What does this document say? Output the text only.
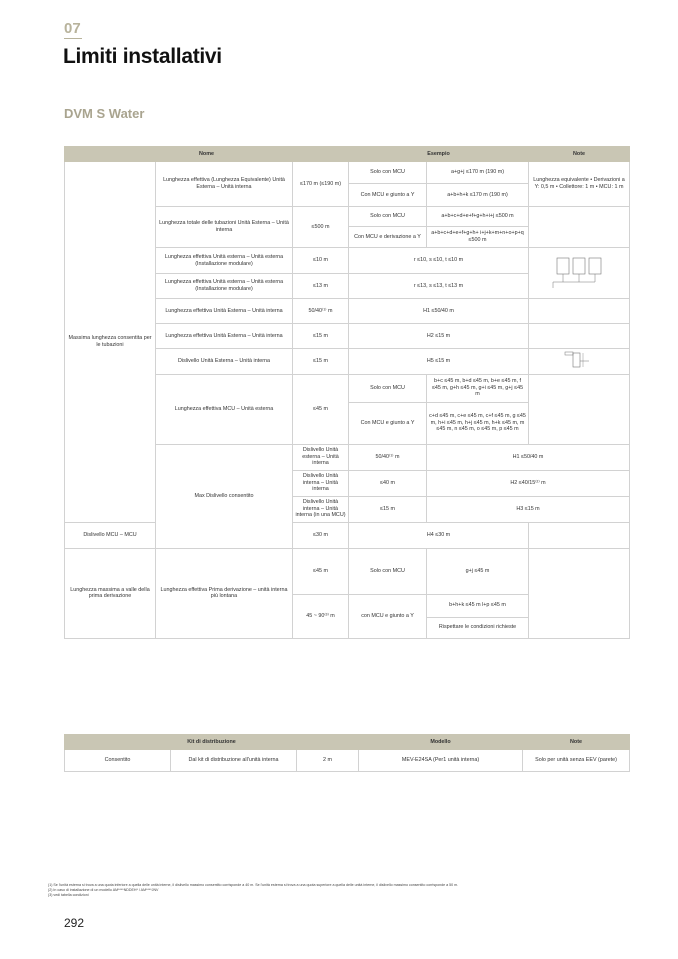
07
Limiti installativi
DVM S Water
Nome			Esempio		Note	
Massima lunghezza consentita per le tubazioni	Lunghezza effettiva (Lunghezza Equivalente) Unità Esterna – Unità interna	≤170 m (≤190 m)	Solo con MCU	a+g+j ≤170 m (190 m)	Lunghezza equivalente • Derivazioni a Y: 0,5 m • Collettore: 1 m • MCU: 1 m	
			Con MCU e giunto a Y	a+b+h+k ≤170 m (190 m)		
	Lunghezza totale delle tubazioni Unità Esterna – Unità interna	≤500 m	Solo con MCU	a+b+c+d+e+f+g+h+i+j ≤500 m		
			Con MCU e derivazione a Y	a+b+c+d+e+f+g+h+ i+j+k+m+n+o+p+q ≤500 m		
	Lunghezza effettiva Unità esterna – Unità esterna (Installazione modulare)	≤10 m	r ≤10, s ≤10, t ≤10 m	
	Lunghezza effettiva Unità esterna – Unità esterna (Installazione modulare)	≤13 m	r ≤13, s ≤13, t ≤13 m			
	Lunghezza effettiva Unità Esterna – Unità interna	50/40⁽¹⁾ m	H1 ≤50/40 m			
	Lunghezza effettiva Unità Esterna – Unità interna	≤15 m	H2 ≤15 m			
	Dislivello Unità Esterna – Unità interna	≤15 m	H5 ≤15 m	
	Lunghezza effettiva MCU – Unità esterna	≤45 m	Solo con MCU	b+c ≤45 m, b+d ≤45 m, b+e ≤45 m, f ≤45 m, g+h ≤45 m, g+i ≤45 m, g+j ≤45 m		
			Con MCU e giunto a Y	c+d ≤45 m, c+e ≤45 m, c+f ≤45 m, g ≤45 m, h+i ≤45 m, h+j ≤45 m, h+k ≤45 m, m ≤45 m, n ≤45 m, o ≤45 m, p ≤45 m		
	Max Dislivello consentito	Dislivello Unità esterna – Unità interna	50/40⁽¹⁾ m	H1 ≤50/40 m		
		Dislivello Unità interna – Unità interna	≤40 m	H2 ≤40/15⁽²⁾ m		
		Dislivello Unità interna – Unità interna (in una MCU)	≤15 m	H3 ≤15 m		
Dislivello MCU – MCU		≤30 m	H4 ≤30 m			
Lunghezza massima a valle della prima derivazione	Lunghezza effettiva Prima derivazione – unità interna più lontana	≤45 m	Solo con MCU	g+j ≤45 m		
		45 ~ 90⁽³⁾ m	con MCU e giunto a Y	b+h+k ≤45 m l+p ≤45 m		
				Rispettare le condizioni richieste		
Kit di distribuzione			Modello	Note
Consentito	Dal kit di distribuzione all'unità interna	2 m	MEV-E24SA (Per1 unità interna)	Solo per unità senza EEV (parete)
(1) Se l'unità esterna si trova a una quota inferiore a quella delle unità interne, il dislivello massimo consentito corrisponde a 40 m. Se l'unità esterna si trova a una quota superiore a quella delle unità interne, il dislivello massimo consentito corrisponde a 50 m.
(2) In caso di installazione di un modello AM****NDDEH* / AM****JNV
(3) vedi tabella condizioni
292
